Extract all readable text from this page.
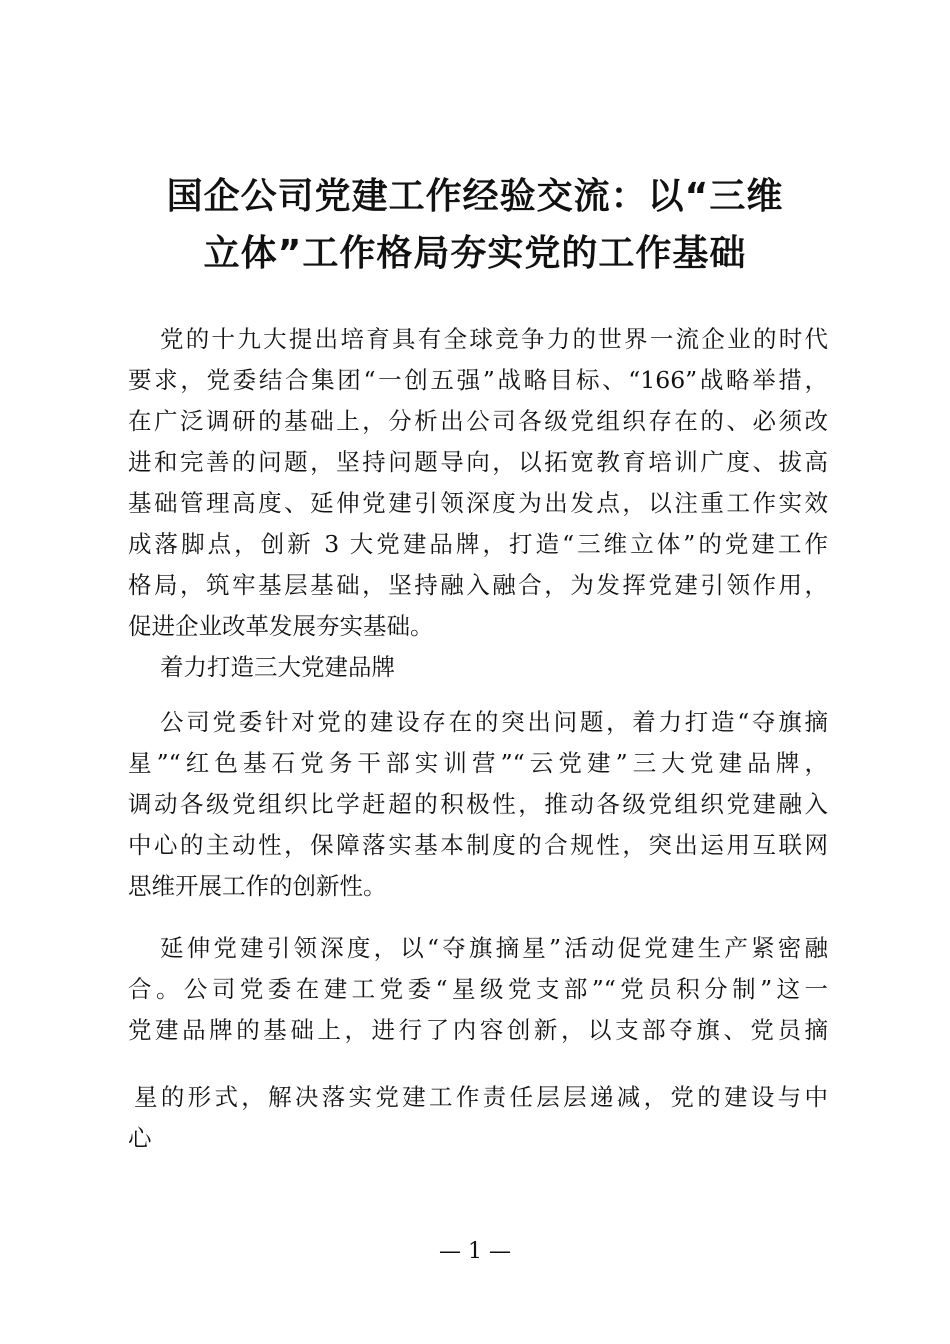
国企公司党建工作经验交流：以“三维
立体”工作格局夯实党的工作基础
党的十九大提出培育具有全球竞争力的世界一流企业的时代
要求，党委结合集团“一创五强”战略目标、“166”战略举措，
在广泛调研的基础上，分析出公司各级党组织存在的、必须改
进和完善的问题，坚持问题导向，以拓宽教育培训广度、拔高
基础管理高度、延伸党建引领深度为出发点，以注重工作实效
成落脚点，创新 3 大党建品牌，打造“三维立体”的党建工作
格局，筑牢基层基础，坚持融入融合，为发挥党建引领作用，
促进企业改革发展夯实基础。
着力打造三大党建品牌
公司党委针对党的建设存在的突出问题，着力打造“夺旗摘
星”“红色基石党务干部实训营”“云党建”三大党建品牌，
调动各级党组织比学赶超的积极性，推动各级党组织党建融入
中心的主动性，保障落实基本制度的合规性，突出运用互联网
思维开展工作的创新性。
延伸党建引领深度，以“夺旗摘星”活动促党建生产紧密融
合。公司党委在建工党委“星级党支部”“党员积分制”这一
党建品牌的基础上，进行了内容创新，以支部夺旗、党员摘
星的形式，解决落实党建工作责任层层递减，党的建设与中
心

— 1 —
